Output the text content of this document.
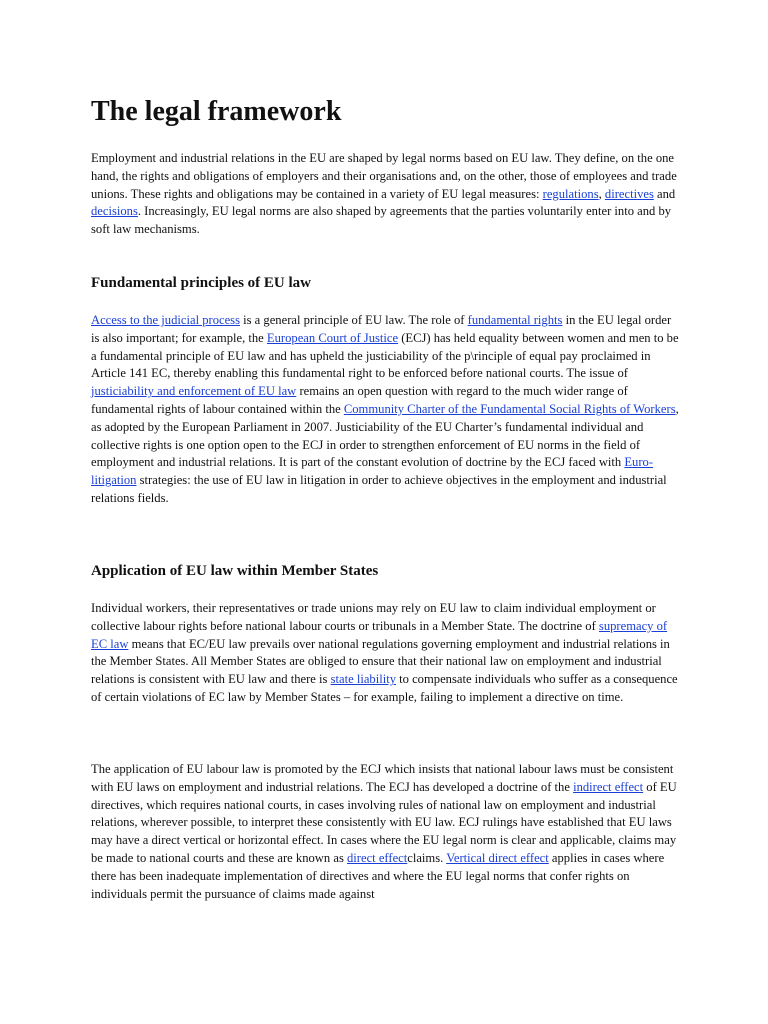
The legal framework

Employment and industrial relations in the EU are shaped by legal norms based on EU law. They define, on the one hand, the rights and obligations of employers and their organisations and, on the other, those of employees and trade unions. These rights and obligations may be contained in a variety of EU legal measures: regulations, directives and decisions. Increasingly, EU legal norms are also shaped by agreements that the parties voluntarily enter into and by soft law mechanisms.

Fundamental principles of EU law

Access to the judicial process is a general principle of EU law. The role of fundamental rights in the EU legal order is also important; for example, the European Court of Justice (ECJ) has held equality between women and men to be a fundamental principle of EU law and has upheld the justiciability of the p\rinciple of equal pay proclaimed in Article 141 EC, thereby enabling this fundamental right to be enforced before national courts. The issue of justiciability and enforcement of EU law remains an open question with regard to the much wider range of fundamental rights of labour contained within the Community Charter of the Fundamental Social Rights of Workers, as adopted by the European Parliament in 2007. Justiciability of the EU Charter’s fundamental individual and collective rights is one option open to the ECJ in order to strengthen enforcement of EU norms in the field of employment and industrial relations. It is part of the constant evolution of doctrine by the ECJ faced with Euro-litigation strategies: the use of EU law in litigation in order to achieve objectives in the employment and industrial relations fields.

Application of EU law within Member States

Individual workers, their representatives or trade unions may rely on EU law to claim individual employment or collective labour rights before national labour courts or tribunals in a Member State. The doctrine of supremacy of EC law means that EC/EU law prevails over national regulations governing employment and industrial relations in the Member States. All Member States are obliged to ensure that their national law on employment and industrial relations is consistent with EU law and there is state liability to compensate individuals who suffer as a consequence of certain violations of EC law by Member States – for example, failing to implement a directive on time.

The application of EU labour law is promoted by the ECJ which insists that national labour laws must be consistent with EU laws on employment and industrial relations. The ECJ has developed a doctrine of the indirect effect of EU directives, which requires national courts, in cases involving rules of national law on employment and industrial relations, wherever possible, to interpret these consistently with EU law. ECJ rulings have established that EU laws may have a direct vertical or horizontal effect. In cases where the EU legal norm is clear and applicable, claims may be made to national courts and these are known as direct effectclaims. Vertical direct effect applies in cases where there has been inadequate implementation of directives and where the EU legal norms that confer rights on individuals permit the pursuance of claims made against
